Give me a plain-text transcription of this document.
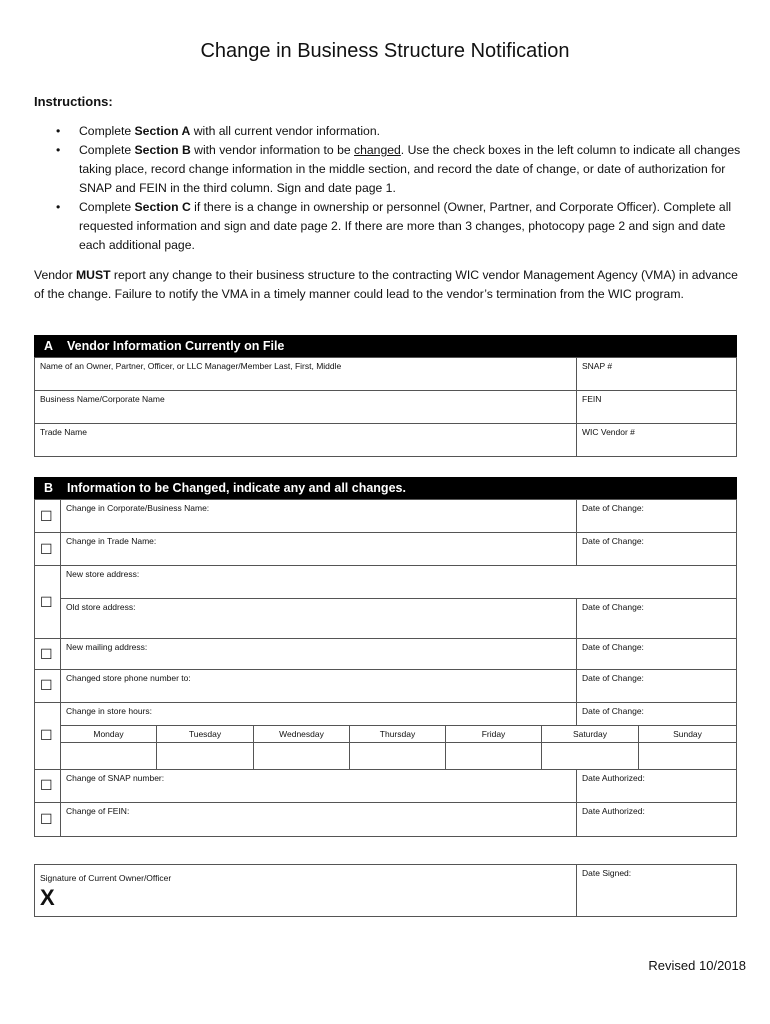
Change in Business Structure Notification
Instructions:
• Complete Section A with all current vendor information.
• Complete Section B with vendor information to be changed. Use the check boxes in the left column to indicate all changes taking place, record change information in the middle section, and record the date of change, or date of authorization for SNAP and FEIN in the third column. Sign and date page 1.
• Complete Section C if there is a change in ownership or personnel (Owner, Partner, and Corporate Officer). Complete all requested information and sign and date page 2. If there are more than 3 changes, photocopy page 2 and sign and date each additional page.
Vendor MUST report any change to their business structure to the contracting WIC vendor Management Agency (VMA) in advance of the change. Failure to notify the VMA in a timely manner could lead to the vendor’s termination from the WIC program.
A Vendor Information Currently on File
Name of an Owner, Partner, Officer, or LLC Manager/Member Last, First, Middle	SNAP #
Business Name/Corporate Name	FEIN
Trade Name	WIC Vendor #
B Information to be Changed, indicate any and all changes.
☐	Change in Corporate/Business Name:	Date of Change:
☐	Change in Trade Name:	Date of Change:
☐
New store address:
Old store address:	Date of Change:
☐	New mailing address:	Date of Change:
☐	Changed store phone number to:	Date of Change:
☐
Change in store hours:	Date of Change:
Monday	Tuesday	Wednesday	Thursday	Friday	Saturday	Sunday
☐	Change of SNAP number:	Date Authorized:
☐	Change of FEIN:	Date Authorized:
Signature of Current Owner/Officer
X
Date Signed:
Revised 10/2018
